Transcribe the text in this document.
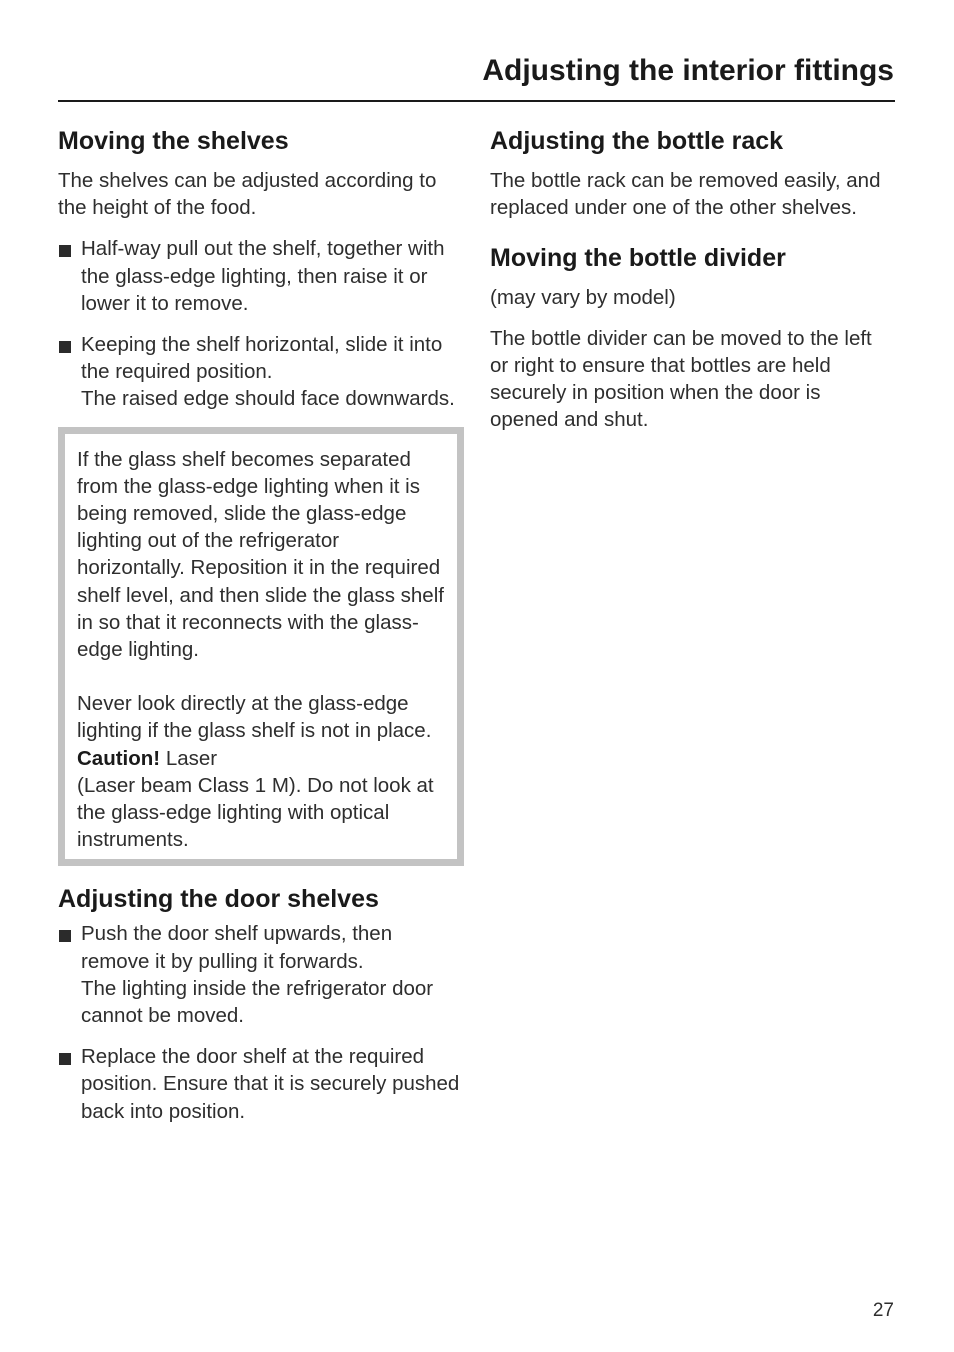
Adjusting the interior fittings
Moving the shelves

The shelves can be adjusted according to the height of the food.

Half-way pull out the shelf, together with the glass-edge lighting, then raise it or lower it to remove.

Keeping the shelf horizontal, slide it into the required position.

The raised edge should face downwards.

If the glass shelf becomes separated from the glass-edge lighting when it is being removed, slide the glass-edge lighting out of the refrigerator horizontally. Reposition it in the required shelf level, and then slide the glass shelf in so that it reconnects with the glass-edge lighting.

Never look directly at the glass-edge lighting if the glass shelf is not in place. Caution! Laser
(Laser beam Class 1 M). Do not look at the glass-edge lighting with optical instruments.

Adjusting the door shelves

Push the door shelf upwards, then remove it by pulling it forwards.

The lighting inside the refrigerator door cannot be moved.

Replace the door shelf at the required position. Ensure that it is securely pushed back into position.

Adjusting the bottle rack

The bottle rack can be removed easily, and replaced under one of the other shelves.

Moving the bottle divider

(may vary by model)

The bottle divider can be moved to the left or right to ensure that bottles are held securely in position when the door is opened and shut.

27
